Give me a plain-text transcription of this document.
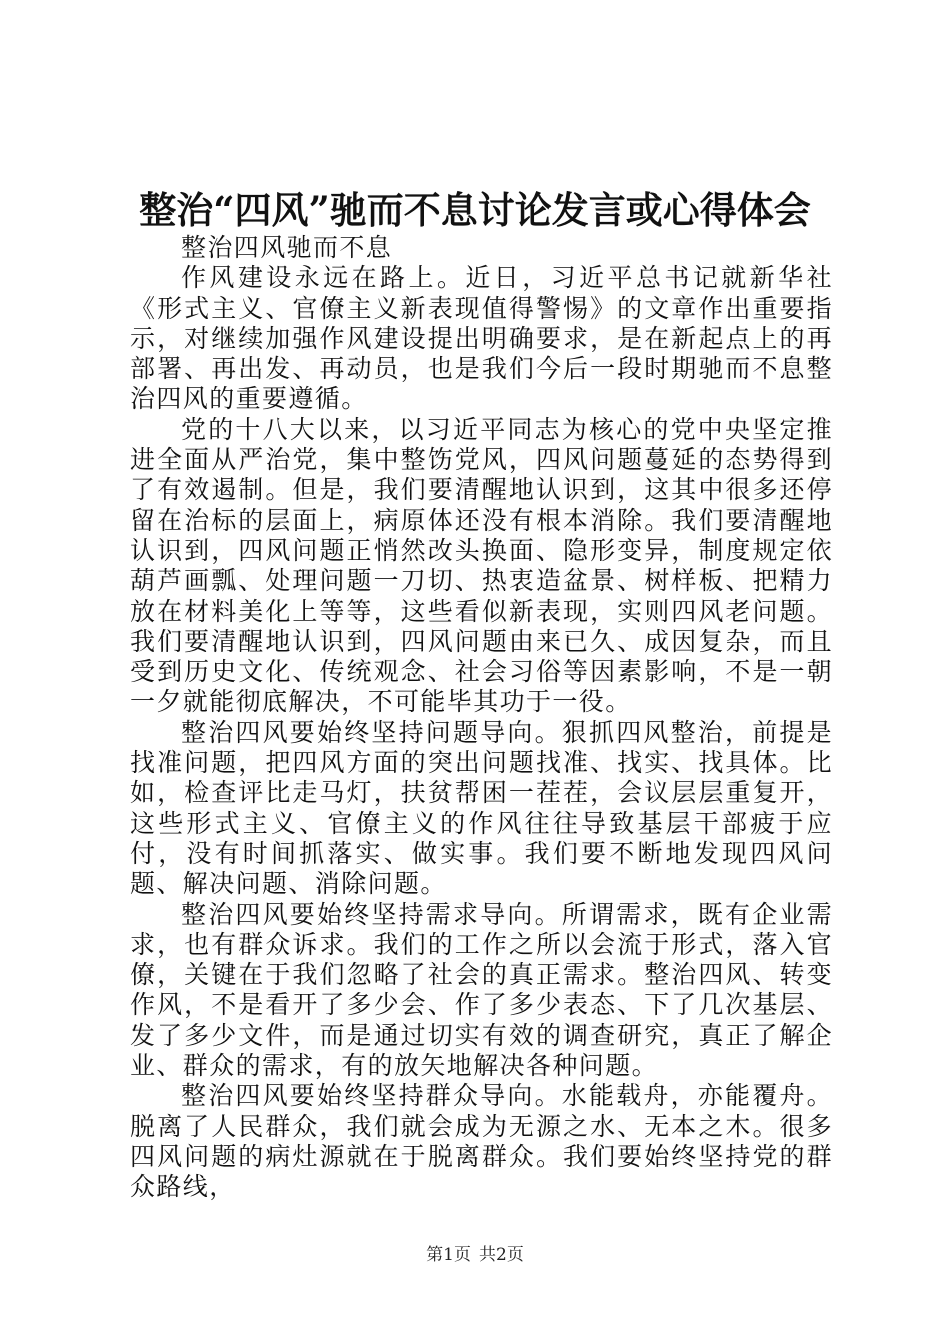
整治“四风”驰而不息讨论发言或心得体会

整治四风驰而不息

作风建设永远在路上。近日，习近平总书记就新华社《形式主义、官僚主义新表现值得警惕》的文章作出重要指示，对继续加强作风建设提出明确要求，是在新起点上的再部署、再出发、再动员，也是我们今后一段时期驰而不息整治四风的重要遵循。

党的十八大以来，以习近平同志为核心的党中央坚定推进全面从严治党，集中整饬党风，四风问题蔓延的态势得到了有效遏制。但是，我们要清醒地认识到，这其中很多还停留在治标的层面上，病原体还没有根本消除。我们要清醒地认识到，四风问题正悄然改头换面、隐形变异，制度规定依葫芦画瓢、处理问题一刀切、热衷造盆景、树样板、把精力放在材料美化上等等，这些看似新表现，实则四风老问题。我们要清醒地认识到，四风问题由来已久、成因复杂，而且受到历史文化、传统观念、社会习俗等因素影响，不是一朝一夕就能彻底解决，不可能毕其功于一役。

整治四风要始终坚持问题导向。狠抓四风整治，前提是找准问题，把四风方面的突出问题找准、找实、找具体。比如，检查评比走马灯，扶贫帮困一茬茬，会议层层重复开，这些形式主义、官僚主义的作风往往导致基层干部疲于应付，没有时间抓落实、做实事。我们要不断地发现四风问题、解决问题、消除问题。

整治四风要始终坚持需求导向。所谓需求，既有企业需求，也有群众诉求。我们的工作之所以会流于形式，落入官僚，关键在于我们忽略了社会的真正需求。整治四风、转变作风，不是看开了多少会、作了多少表态、下了几次基层、发了多少文件，而是通过切实有效的调查研究，真正了解企业、群众的需求，有的放矢地解决各种问题。

整治四风要始终坚持群众导向。水能载舟，亦能覆舟。脱离了人民群众，我们就会成为无源之水、无本之木。很多四风问题的病灶源就在于脱离群众。我们要始终坚持党的群众路线，

第1页 共2页
